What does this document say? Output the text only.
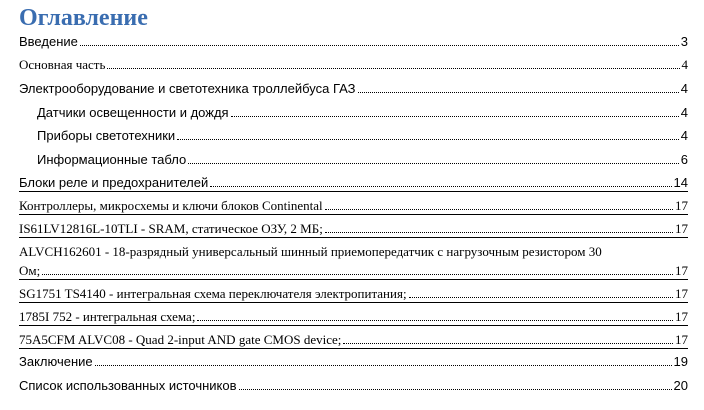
Оглавление
Введение	3
Основная часть	4
Электрооборудование и светотехника троллейбуса ГАЗ	4
Датчики освещенности и дождя	4
Приборы светотехники	4
Информационные табло	6
Блоки реле и предохранителей	14
Контроллеры, микросхемы и ключи блоков Continental	17
IS61LV12816L-10TLI - SRAM, статическое ОЗУ, 2 МБ;	17
ALVCH162601 - 18-разрядный универсальный шинный приемопередатчик с нагрузочным резистором 30
Ом;	17
SG1751 TS4140 - интегральная схема переключателя электропитания;	17
1785I 752 - интегральная схема;	17
75A5CFM ALVC08 - Quad 2-input AND gate CMOS device;	17
Заключение	19
Список использованных источников	20
